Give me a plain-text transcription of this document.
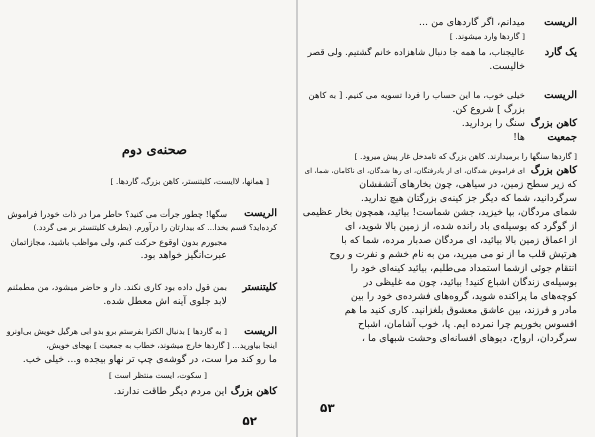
صحنه‌ی دوم
[ همانها، لاایست، کلیتنستر، کاهن بزرگ، گاردها. ]
الریست
سگها! چطور جرأت می کنید؟ حاطر مرا در ذات خودرا فراموش
کرده‌اید؟ قسم بخدا... که بیدارتان را درآورم. (بطرف کلیتنستر بر می گردد.)
مجبورم بدون اوقوع حرکت کنم، ولی مواظب باشید، مجازاتمان
عبرت‌انگیز خواهد بود.
کلیتنستر
بمن قول داده بود کاری نکند. دار و حاضر میشود، من مطمئنم
لابد جلوی آینه اش معطل شده.
الریست
[ به گاردها ] بدنبال الکترا بفرستم برو بدو ابی هرگیل خویش بی‌اونرو
اینجا بیاورید... [ گاردها خارج میشوند، خطاب به جمعیت ] بهجای خویش،
ما رو کند مرا ست، در گوشه‌ی چپ تر نهاو بیجده و... خیلی خب.
[ سکوت، ایست منتظر است ]
کاهن بزرگ
این مردم دیگر طاقت ندارند.
۵۲
الریست
میدانم، اگر گاردهای من ...
[ گاردها وارد میشوند. ]
یک گارد
عالیجناب، ما همه جا دنبال شاهزاده خانم گشتیم. ولی قصر
خالیست.
الریست
خیلی خوب، ما این حساب را فردا تسویه می کنیم. [ به کاهن
بزرگ ] شروع کن.
کاهن بزرگ
سنگ را بردارید.
جمعیت
ها!
[ گاردها سنگها را برمیدارند. کاهن بزرگ که تامدخل غار پیش میرود. ]
کاهن بزرگ
ای فراموش شدگان، ای از یادرفتگان، ای رها شدگان، ای ناکامان، شما، ای
که زیر سطح زمین، در سیاهی، چون بخارهای آتشفشان
سرگردانید، شما که دیگر جز کینه‌ی بزرگتان هیچ ندارید.
شمای مردگان، بپا خیزید، جشن شماست! بیائید، همچون بخار عظیمی
از گوگرد که بوسیله‌ی باد رانده شده، از زمین بالا شوید، ای
از اعماق زمین بالا بیائید، ای مردگان صدبار مرده، شما که با
هرتپش قلب ما از نو می میرید، من به نام خشم و نفرت و روح
انتقام جوئی ازشما استمداد می‌طلبم، بیائید کینه‌ای خود را
بوسیله‌ی زندگان اشباع کنید! بیائید، چون مه غلیظی در
کوچه‌های ما پراکنده شوید، گروه‌های فشرده‌ی خود را بین
مادر و فرزند، بین عاشق معشوق بلغزانید. کاری کنید ما هم
افسوس بخوریم چرا نمرده ایم. پا، خوب آشامان، اشباح
سرگردان، ارواح، دیوهای افسانه‌ای وحشت شبهای ما ،
۵۳
